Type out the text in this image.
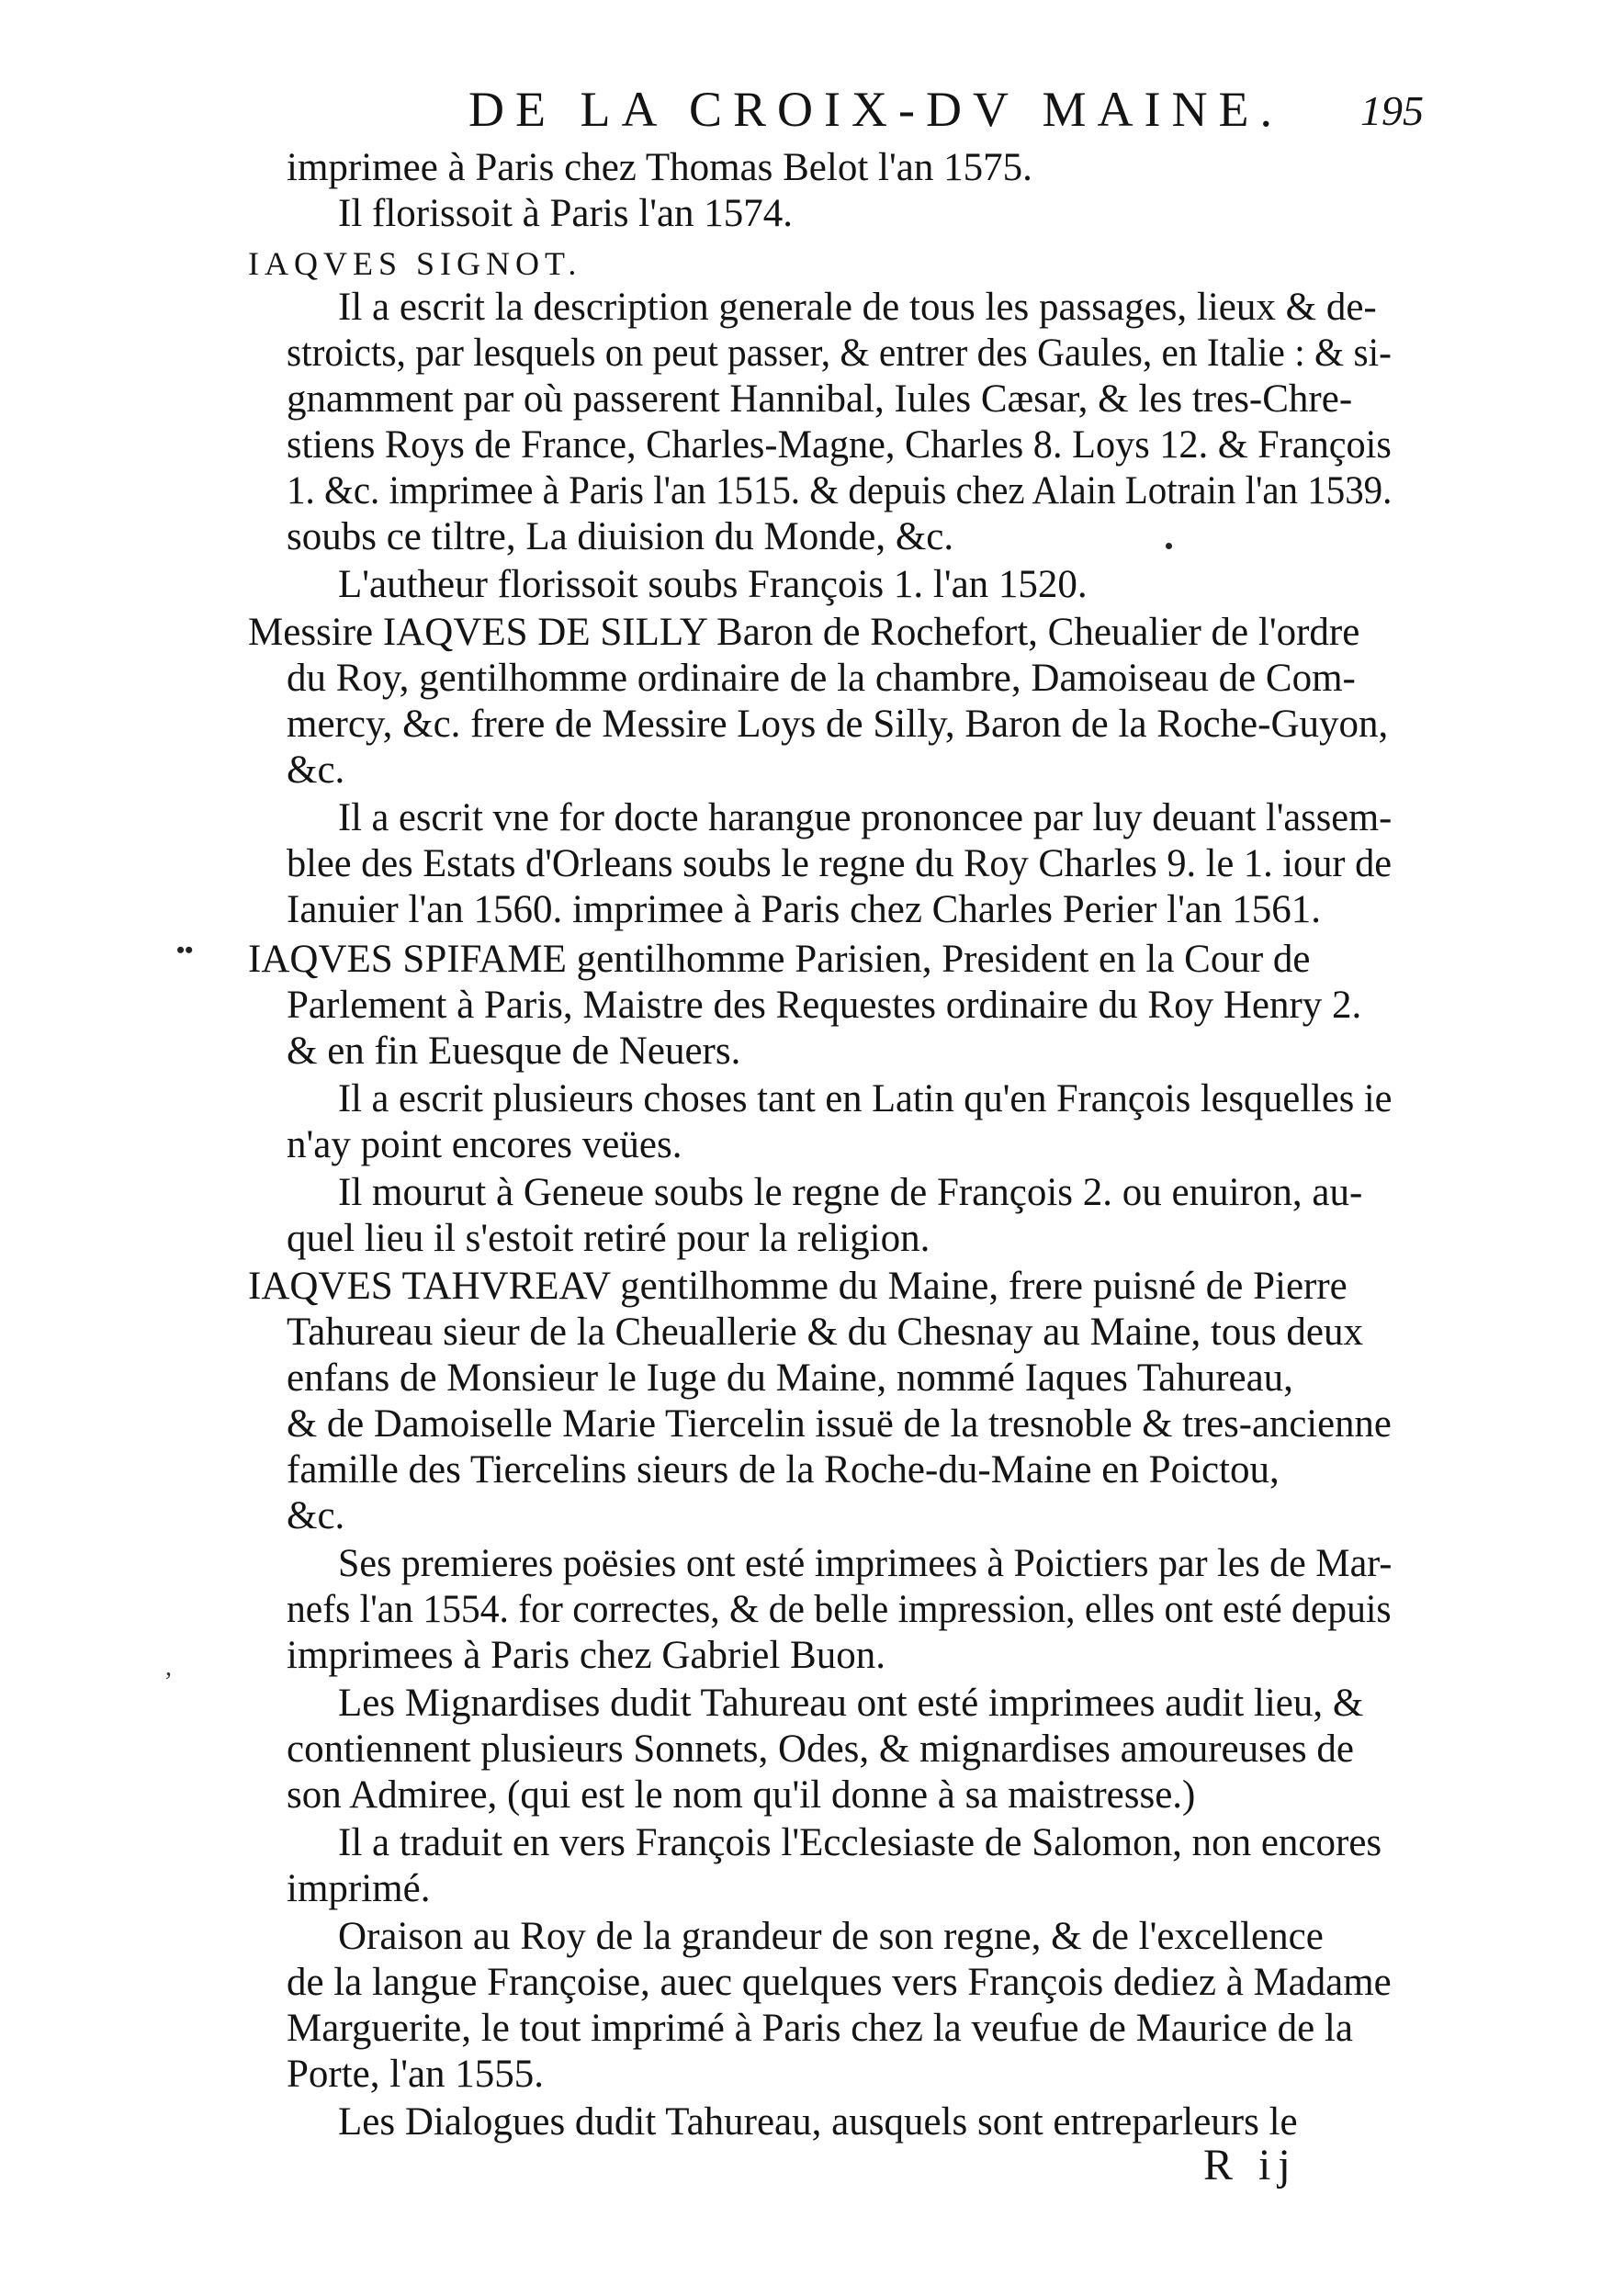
DE LA CROIX-DV MAINE. 195
••
,
imprimee à Paris chez Thomas Belot l'an 1575.
Il florissoit à Paris l'an 1574.
IAQVES SIGNOT.
Il a escrit la description generale de tous les passages, lieux & de-
stroicts, par lesquels on peut passer, & entrer des Gaules, en Italie : & si-
gnamment par où passerent Hannibal, Iules Cæsar, & les tres-Chre-
stiens Roys de France, Charles-Magne, Charles 8. Loys 12. & François
1. &c. imprimee à Paris l'an 1515. & depuis chez Alain Lotrain l'an 1539.
soubs ce tiltre, La diuision du Monde, &c.
L'autheur florissoit soubs François 1. l'an 1520.
Messire IAQVES DE SILLY Baron de Rochefort, Cheualier de l'ordre
du Roy, gentilhomme ordinaire de la chambre, Damoiseau de Com-
mercy, &c. frere de Messire Loys de Silly, Baron de la Roche-Guyon,
&c.
Il a escrit vne for docte harangue prononcee par luy deuant l'assem-
blee des Estats d'Orleans soubs le regne du Roy Charles 9. le 1. iour de
Ianuier l'an 1560. imprimee à Paris chez Charles Perier l'an 1561.
IAQVES SPIFAME gentilhomme Parisien, President en la Cour de
Parlement à Paris, Maistre des Requestes ordinaire du Roy Henry 2.
& en fin Euesque de Neuers.
Il a escrit plusieurs choses tant en Latin qu'en François lesquelles ie
n'ay point encores veües.
Il mourut à Geneue soubs le regne de François 2. ou enuiron, au-
quel lieu il s'estoit retiré pour la religion.
IAQVES TAHVREAV gentilhomme du Maine, frere puisné de Pierre
Tahureau sieur de la Cheuallerie & du Chesnay au Maine, tous deux
enfans de Monsieur le Iuge du Maine, nommé Iaques Tahureau,
& de Damoiselle Marie Tiercelin issuë de la tresnoble & tres-ancienne
famille des Tiercelins sieurs de la Roche-du-Maine en Poictou,
&c.
Ses premieres poësies ont esté imprimees à Poictiers par les de Mar-
nefs l'an 1554. for correctes, & de belle impression, elles ont esté depuis
imprimees à Paris chez Gabriel Buon.
Les Mignardises dudit Tahureau ont esté imprimees audit lieu, &
contiennent plusieurs Sonnets, Odes, & mignardises amoureuses de
son Admiree, (qui est le nom qu'il donne à sa maistresse.)
Il a traduit en vers François l'Ecclesiaste de Salomon, non encores
imprimé.
Oraison au Roy de la grandeur de son regne, & de l'excellence
de la langue Françoise, auec quelques vers François dediez à Madame
Marguerite, le tout imprimé à Paris chez la veufue de Maurice de la
Porte, l'an 1555.
Les Dialogues dudit Tahureau, ausquels sont entreparleurs le
R ij
